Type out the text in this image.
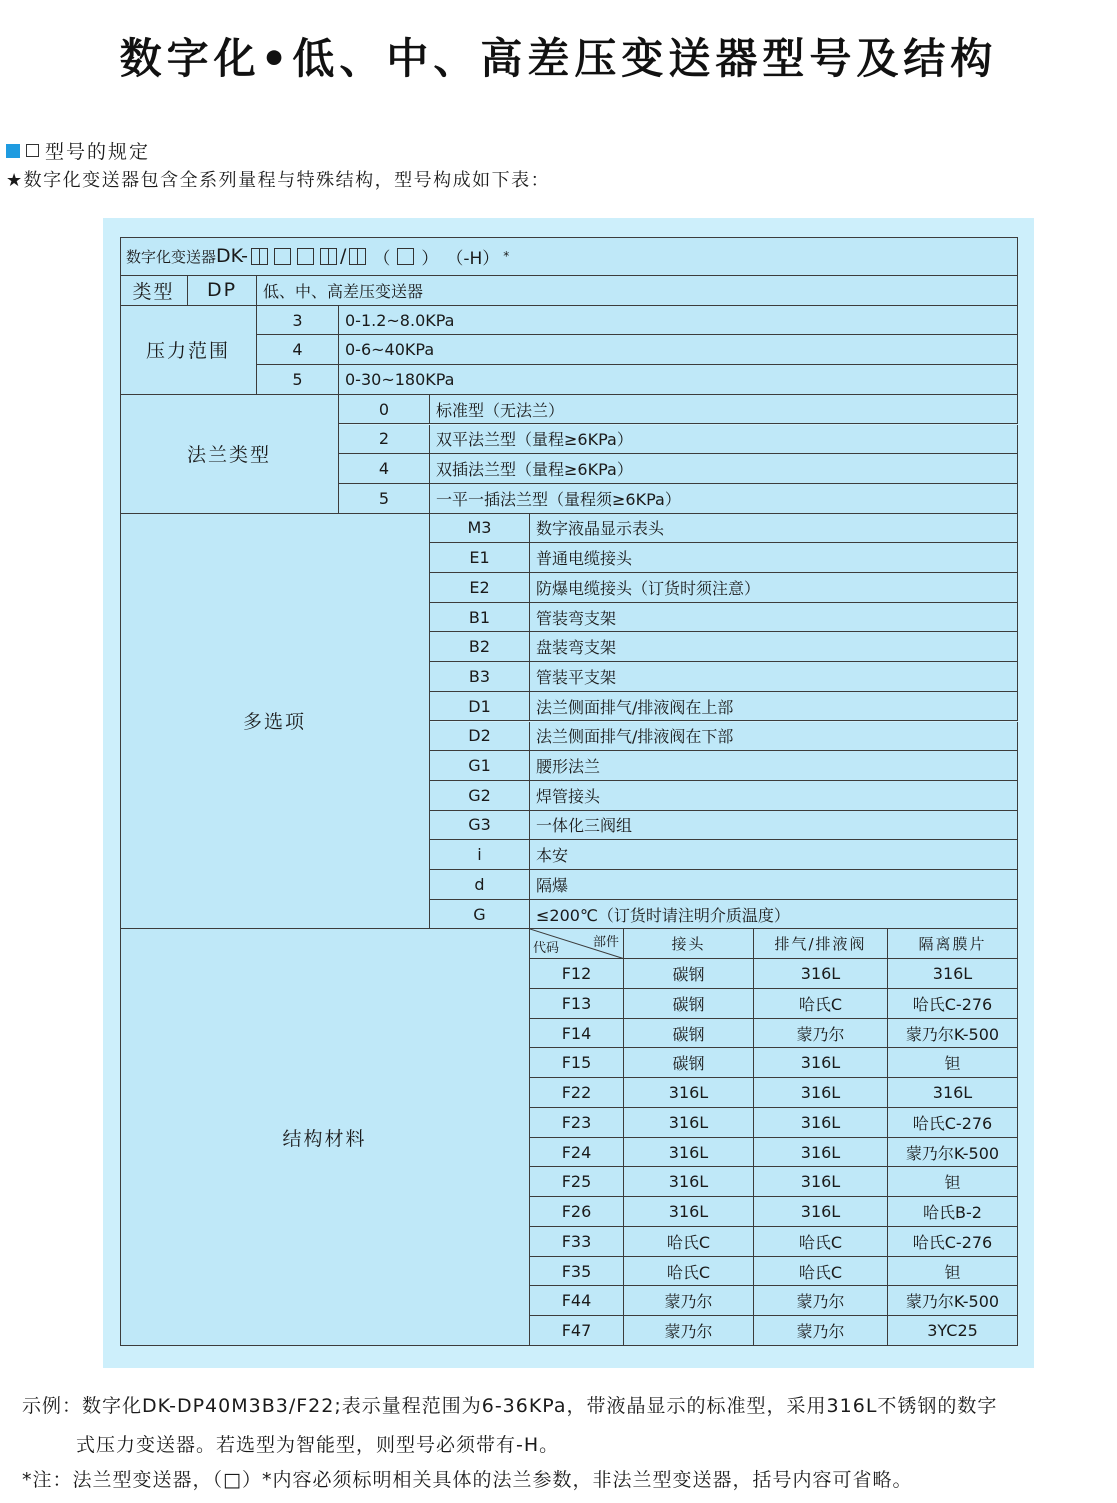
数字化•低、中、高差压变送器型号及结构
型号的规定
★数字化变送器包含全系列量程与特殊结构，型号构成如下表：
数字化变送器 DK-	/ （ ） （-H） *
类型	DP	低、中、高差压变送器
压力范围
3	0-1.2~8.0KPa
4	0-6~40KPa
5	0-30~180KPa
法兰类型
0	标准型（无法兰）
2	双平法兰型（量程≥6KPa）
4	双插法兰型（量程≥6KPa）
5	一平一插法兰型（量程须≥6KPa）
多选项
M3	数字液晶显示表头
E1	普通电缆接头
E2	防爆电缆接头（订货时须注意）
B1	管装弯支架
B2	盘装弯支架
B3	管装平支架
D1	法兰侧面排气/排液阀在上部
D2	法兰侧面排气/排液阀在下部
G1	腰形法兰
G2	焊管接头
G3	一体化三阀组
i	本安
d	隔爆
G	≤200℃（订货时请注明介质温度）
结构材料
部件
代码	接头	排气/排液阀	隔离膜片
F12	碳钢	316L	316L
F13	碳钢	哈氏C	哈氏C-276
F14	碳钢	蒙乃尔	蒙乃尔K-500
F15	碳钢	316L	钽
F22	316L	316L	316L
F23	316L	316L	哈氏C-276
F24	316L	316L	蒙乃尔K-500
F25	316L	316L	钽
F26	316L	316L	哈氏B-2
F33	哈氏C	哈氏C	哈氏C-276
F35	哈氏C	哈氏C	钽
F44	蒙乃尔	蒙乃尔	蒙乃尔K-500
F47	蒙乃尔	蒙乃尔	3YC25
示例：数字化DK-DP40M3B3/F22;表示量程范围为6-36KPa，带液晶显示的标准型，采用316L不锈钢的数字
式压力变送器。若选型为智能型，则型号必须带有-H。
*注：法兰型变送器，（□）*内容必须标明相关具体的法兰参数，非法兰型变送器，括号内容可省略。
